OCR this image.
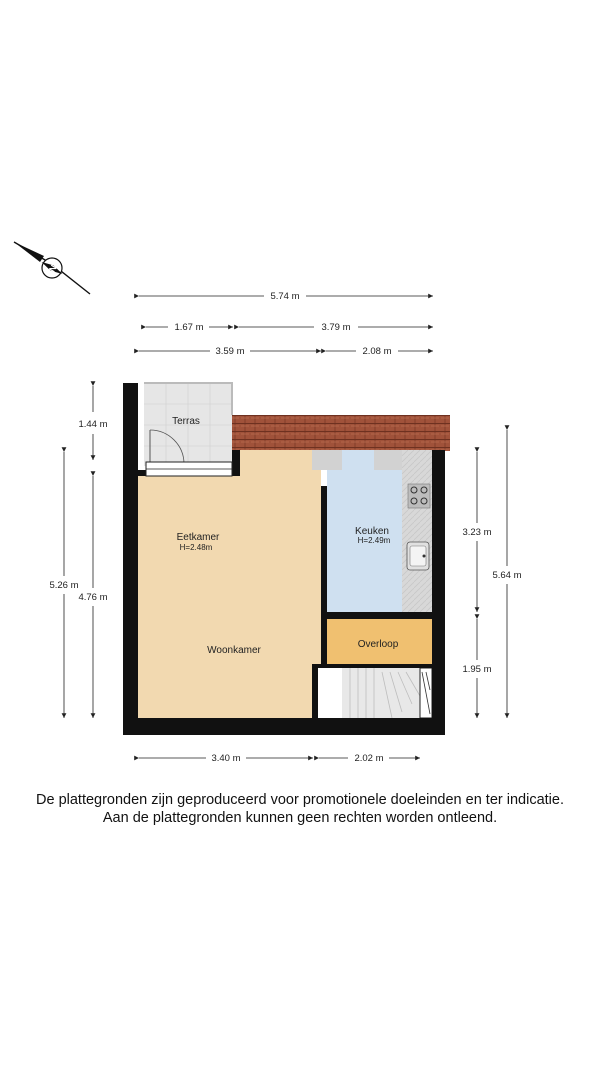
N
5.74 m
1.67 m	3.79 m
3.59 m	2.08 m
1.44 m
5.26 m
4.76 m
3.23 m
1.95 m
5.64 m
3.40 m	2.02 m
Terras
Eetkamer
H=2.48m
Woonkamer
Keuken
H=2.49m
Overloop
De plattegronden zijn geproduceerd voor promotionele doeleinden en ter indicatie.
Aan de plattegronden kunnen geen rechten worden ontleend.
